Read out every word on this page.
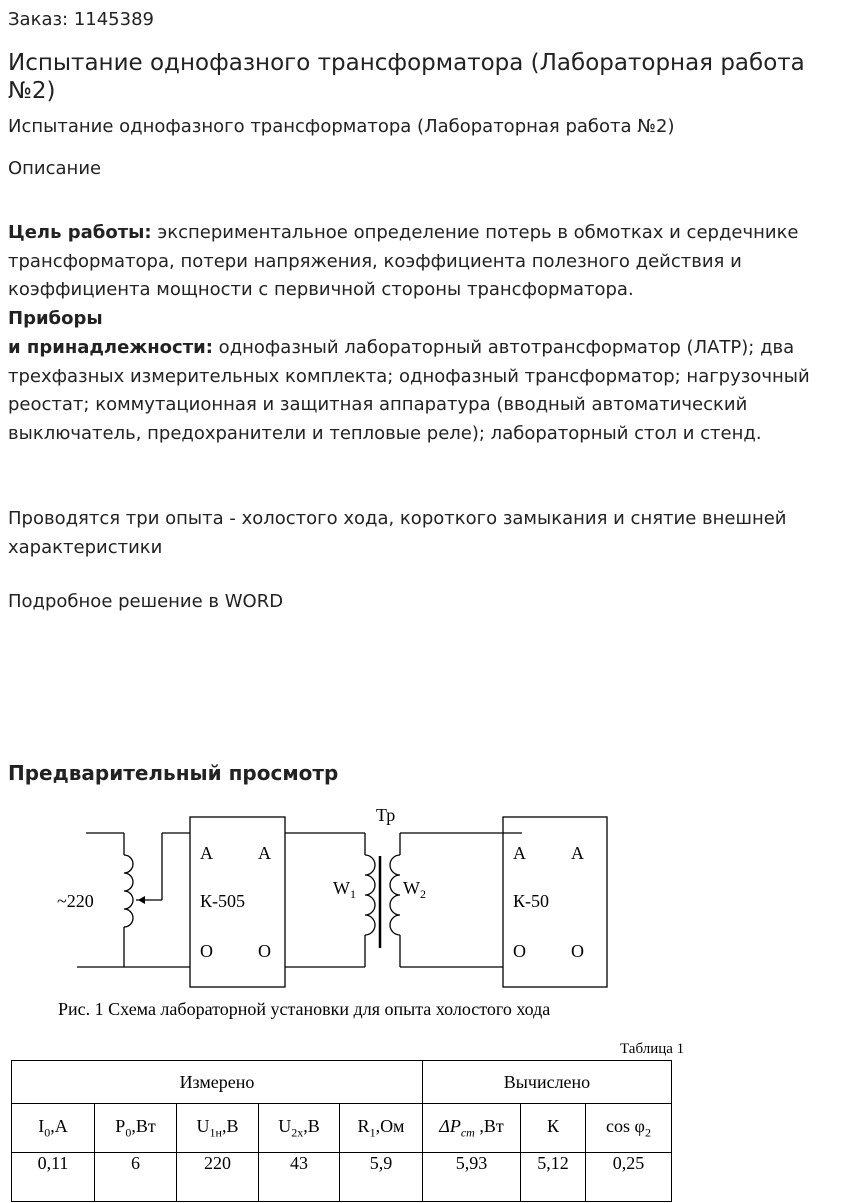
Заказ: 1145389
Испытание однофазного трансформатора (Лабораторная работа №2)
Испытание однофазного трансформатора (Лабораторная работа №2)
Описание
Цель работы: экспериментальное определение потерь в обмотках и сердечнике трансформатора, потери напряжения, коэффициента полезного действия и коэффициента мощности с первичной стороны трансформатора.
Приборы
и принадлежности: однофазный лабораторный автотрансформатор (ЛАТР); два трехфазных измерительных комплекта; однофазный трансформатор; нагрузочный реостат; коммутационная и защитная аппаратура (вводный автоматический выключатель, предохранители и тепловые реле); лабораторный стол и стенд.
Проводятся три опыта - холостого хода, короткого замыкания и снятие внешней характеристики
Подробное решение в WORD
Предварительный просмотр
~220
Тр
$W_1$	$W_2$
A	A
К-505
O	O
A	A
К-50
O	O
Рис. 1 Схема лабораторной установки для опыта холостого хода
Таблица 1
Измерено					Вычислено		
$I_0,А$	$P_0,Вт$	$U_{1н},В$	$U_{2х},В$	$R_1,Ом$	$\Delta P_{ст}$ ,Вт	К	$\cos \varphi_2$
0,11	6	220	43	5,9	5,93	5,12	0,25
